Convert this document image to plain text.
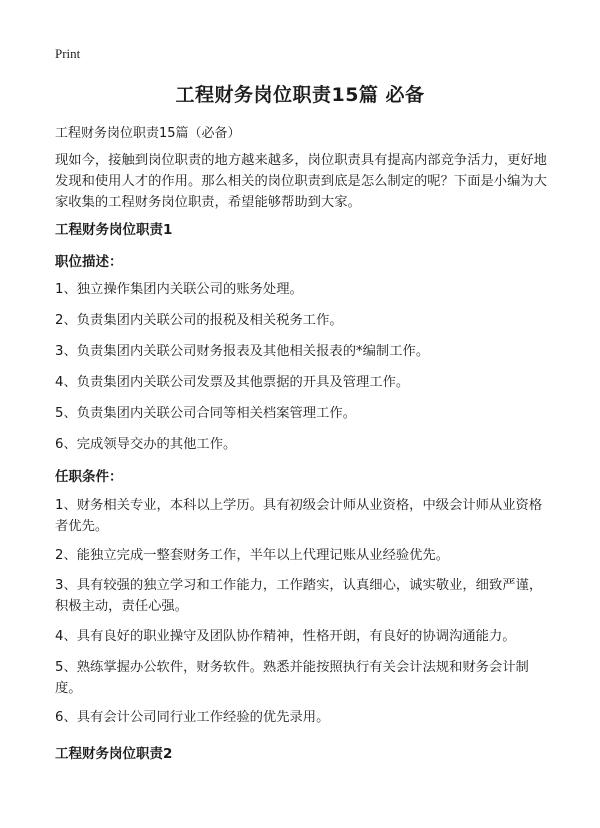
Print
工程财务岗位职责15篇 必备

工程财务岗位职责15篇（必备）

现如今，接触到岗位职责的地方越来越多，岗位职责具有提高内部竞争活力，更好地发现和使用人才的作用。那么相关的岗位职责到底是怎么制定的呢？下面是小编为大家收集的工程财务岗位职责，希望能够帮助到大家。

工程财务岗位职责1
职位描述：

1、独立操作集团内关联公司的账务处理。

2、负责集团内关联公司的报税及相关税务工作。

3、负责集团内关联公司财务报表及其他相关报表的*编制工作。

4、负责集团内关联公司发票及其他票据的开具及管理工作。

5、负责集团内关联公司合同等相关档案管理工作。

6、完成领导交办的其他工作。

任职条件：

1、财务相关专业，本科以上学历。具有初级会计师从业资格，中级会计师从业资格者优先。

2、能独立完成一整套财务工作，半年以上代理记账从业经验优先。

3、具有较强的独立学习和工作能力，工作踏实，认真细心，诚实敬业，细致严谨，积极主动，责任心强。

4、具有良好的职业操守及团队协作精神，性格开朗，有良好的协调沟通能力。

5、熟练掌握办公软件，财务软件。熟悉并能按照执行有关会计法规和财务会计制度。

6、具有会计公司同行业工作经验的优先录用。

工程财务岗位职责2
